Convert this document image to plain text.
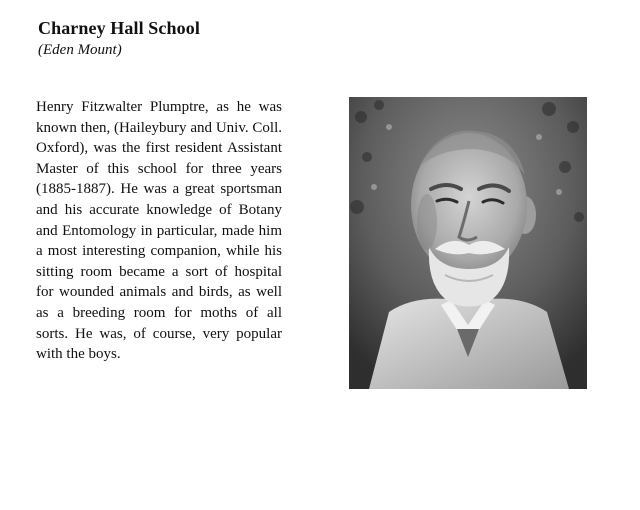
Charney Hall School

(Eden Mount)

Henry Fitzwalter Plumptre, as he was known then, (Haileybury and Univ. Coll. Oxford), was the first resident Assistant Master of this school for three years (1885-1887). He was a great sportsman and his accurate knowledge of Botany and Entomology in particular, made him a most interesting companion, while his sitting room became a sort of hospital for wounded animals and birds, as well as a breeding room for moths of all sorts. He was, of course, very popular with the boys.
